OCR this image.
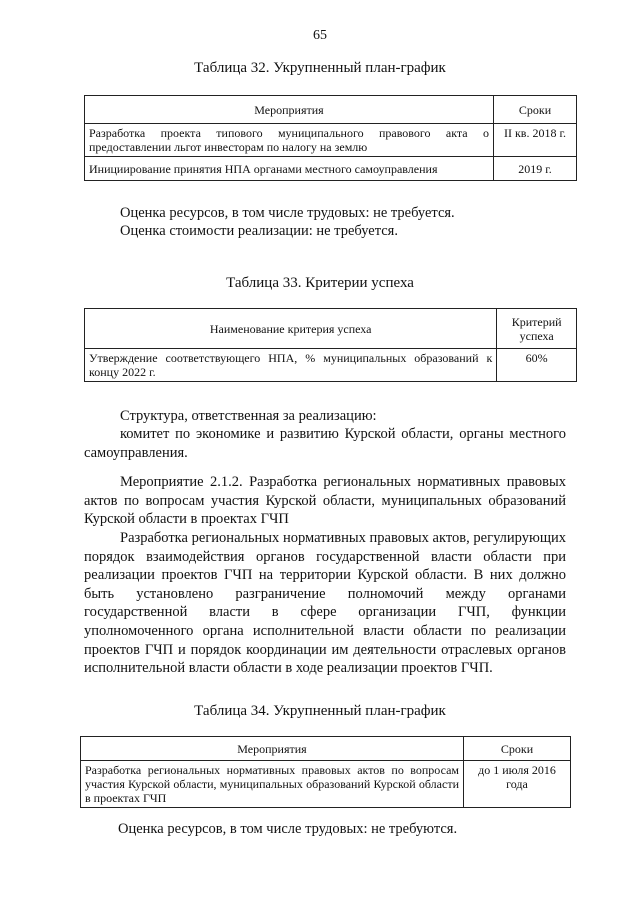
65
Таблица 32. Укрупненный план-график
Мероприятия	Сроки
Разработка проекта типового муниципального правового акта о предоставлении льгот инвесторам по налогу на землю	II кв. 2018 г.
Инициирование принятия НПА органами местного самоуправления	2019 г.
Оценка ресурсов, в том числе трудовых: не требуется.
Оценка стоимости реализации: не требуется.
Таблица 33. Критерии успеха
Наименование критерия успеха	Критерий успеха
Утверждение соответствующего НПА, % муниципальных образований к концу 2022 г.	60%
Структура, ответственная за реализацию:
комитет по экономике и развитию Курской области, органы местного самоуправления.
Мероприятие 2.1.2. Разработка региональных нормативных правовых актов по вопросам участия Курской области, муниципальных образований Курской области в проектах ГЧП
Разработка региональных нормативных правовых актов, регулирующих порядок взаимодействия органов государственной власти области при реализации проектов ГЧП на территории Курской области. В них должно быть установлено разграничение полномочий между органами государственной власти в сфере организации ГЧП, функции уполномоченного органа исполнительной власти области по реализации проектов ГЧП и порядок координации им деятельности отраслевых органов исполнительной власти области в ходе реализации проектов ГЧП.
Таблица 34. Укрупненный план-график
Мероприятия	Сроки
Разработка региональных нормативных правовых актов по вопросам участия Курской области, муниципальных образований Курской области в проектах ГЧП	до 1 июля 2016 года
Оценка ресурсов, в том числе трудовых: не требуются.
